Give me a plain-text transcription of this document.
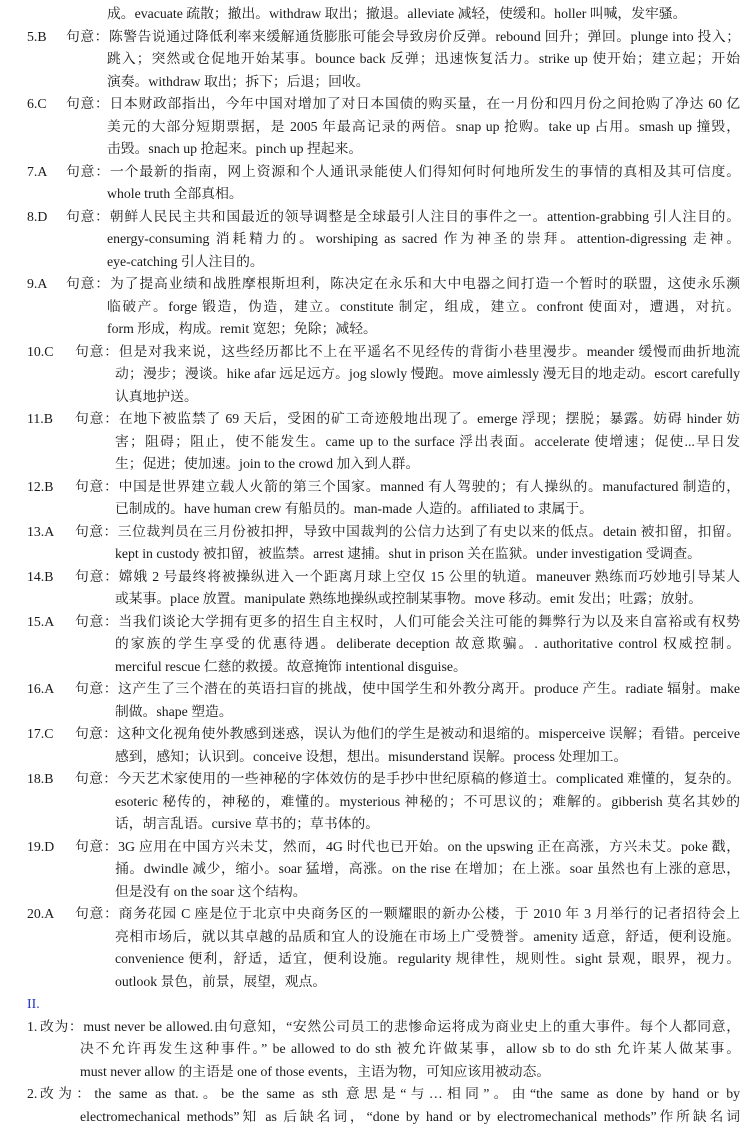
成。evacuate 疏散；撤出。withdraw 取出；撤退。alleviate 减轻，使缓和。holler 叫喊，发牢骚。
5.B	句意：陈警告说通过降低利率来缓解通货膨胀可能会导致房价反弹。rebound 回升；弹回。plunge into 投入；
跳入；突然或仓促地开始某事。bounce back 反弹；迅速恢复活力。strike up 使开始；建立起；开始
演奏。withdraw 取出；拆下；后退；回收。
6.C	句意：日本财政部指出，今年中国对增加了对日本国债的购买量，在一月份和四月份之间抢购了净达 60 亿
美元的大部分短期票据，是 2005 年最高记录的两倍。snap up 抢购。take up 占用。smash up 撞毁，
击毁。snach up 抢起来。pinch up 捏起来。
7.A	句意：一个最新的指南，网上资源和个人通讯录能使人们得知何时何地所发生的事情的真相及其可信度。
whole truth 全部真相。
8.D	句意：朝鲜人民民主共和国最近的领导调整是全球最引人注目的事件之一。attention-grabbing 引人注目的。
energy-consuming 消耗精力的。worshiping as sacred 作为神圣的崇拜。attention-digressing 走神。
eye-catching 引人注目的。
9.A	句意：为了提高业绩和战胜摩根斯坦利，陈决定在永乐和大中电器之间打造一个暂时的联盟，这使永乐濒
临破产。forge 锻造，伪造，建立。constitute 制定，组成，建立。confront 使面对，遭遇，对抗。
form 形成，构成。remit 宽恕；免除；减轻。
10.C	句意：但是对我来说，这些经历都比不上在平遥名不见经传的背街小巷里漫步。meander 缓慢而曲折地流
动；漫步；漫谈。hike afar 远足远方。jog slowly 慢跑。move aimlessly 漫无目的地走动。escort carefully
认真地护送。
11.B	句意：在地下被监禁了 69 天后，受困的矿工奇迹般地出现了。emerge 浮现；摆脱；暴露。妨碍 hinder 妨
害；阻碍；阻止，使不能发生。came up to the surface 浮出表面。accelerate 使增速；促使...早日发
生；促进；使加速。join to the crowd 加入到人群。
12.B	句意：中国是世界建立载人火箭的第三个国家。manned 有人驾驶的；有人操纵的。manufactured 制造的，
已制成的。have human crew 有船员的。man-made 人造的。affiliated to 隶属于。
13.A	句意：三位裁判员在三月份被扣押，导致中国裁判的公信力达到了有史以来的低点。detain 被扣留，扣留。
kept in custody 被扣留，被监禁。arrest 逮捕。shut in prison 关在监狱。under investigation 受调查。
14.B	句意：嫦娥 2 号最终将被操纵进入一个距离月球上空仅 15 公里的轨道。maneuver 熟练而巧妙地引导某人
或某事。place 放置。manipulate 熟练地操纵或控制某事物。move 移动。emit 发出；吐露；放射。
15.A	句意：当我们谈论大学拥有更多的招生自主权时，人们可能会关注可能的舞弊行为以及来自富裕或有权势
的家族的学生享受的优惠待遇。deliberate deception 故意欺骗。. authoritative control 权威控制。
merciful rescue 仁慈的救援。故意掩饰 intentional disguise。
16.A	句意：这产生了三个潜在的英语扫盲的挑战，使中国学生和外教分离开。produce 产生。radiate 辐射。make
制做。shape 塑造。
17.C	句意：这种文化视角使外教感到迷惑，误认为他们的学生是被动和退缩的。misperceive 误解；看错。perceive
感到，感知；认识到。conceive 设想，想出。misunderstand 误解。process 处理加工。
18.B	句意：今天艺术家使用的一些神秘的字体效仿的是手抄中世纪原稿的修道士。complicated 难懂的，复杂的。
esoteric 秘传的，神秘的，难懂的。mysterious 神秘的；不可思议的；难解的。gibberish 莫名其妙的
话，胡言乱语。cursive 草书的；草书体的。
19.D	句意：3G 应用在中国方兴未艾，然而，4G 时代也已开始。on the upswing 正在高涨，方兴未艾。poke 戳，
捅。dwindle 减少，缩小。soar 猛增，高涨。on the rise 在增加；在上涨。soar 虽然也有上涨的意思，
但是没有 on the soar 这个结构。
20.A	句意：商务花园 C 座是位于北京中央商务区的一颗耀眼的新办公楼，于 2010 年 3 月举行的记者招待会上
亮相市场后，就以其卓越的品质和宜人的设施在市场上广受赞誉。amenity 适意，舒适，便利设施。
convenience 便利，舒适，适宜，便利设施。regularity 规律性，规则性。sight 景观，眼界，视力。
outlook 景色，前景，展望，观点。
II.
1. 改为：must never be allowed.由句意知，“安然公司员工的悲惨命运将成为商业史上的重大事件。每个人都同意，
决不允许再发生这种事件。” be allowed to do sth 被允许做某事，allow sb to do sth 允许某人做某事。
must never allow 的主语是 one of those events，主语为物，可知应该用被动态。
2. 改为：the same as that.。be the same as sth 意思是“与…相同”。由“the same as done by hand or by
electromechanical methods”知 as 后缺名词，“done by hand or by electromechanical methods”作所缺名词
